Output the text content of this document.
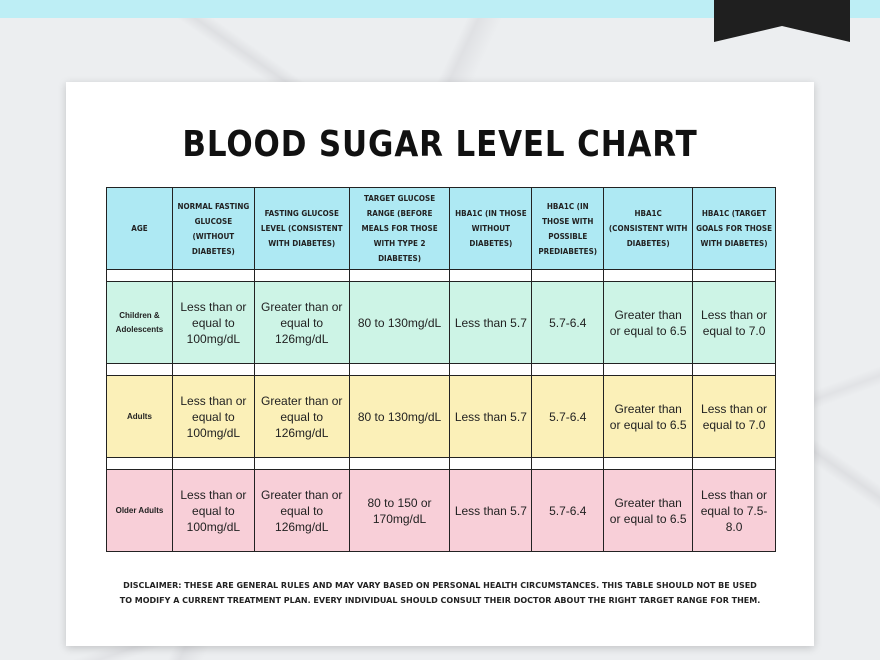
BLOOD SUGAR LEVEL CHART
AGE	NORMAL FASTING GLUCOSE (WITHOUT DIABETES)	FASTING GLUCOSE LEVEL (CONSISTENT WITH DIABETES)	TARGET GLUCOSE RANGE (BEFORE MEALS FOR THOSE WITH TYPE 2 DIABETES)	HBA1C (IN THOSE WITHOUT DIABETES)	HBA1C (IN THOSE WITH POSSIBLE PREDIABETES)	HBA1C (CONSISTENT WITH DIABETES)	HBA1C (TARGET GOALS FOR THOSE WITH DIABETES)

Children & Adolescents	Less than or equal to 100mg/dL	Greater than or equal to 126mg/dL	80 to 130mg/dL	Less than 5.7	5.7-6.4	Greater than or equal to 6.5	Less than or equal to 7.0

Adults	Less than or equal to 100mg/dL	Greater than or equal to 126mg/dL	80 to 130mg/dL	Less than 5.7	5.7-6.4	Greater than or equal to 6.5	Less than or equal to 7.0

Older Adults	Less than or equal to 100mg/dL	Greater than or equal to 126mg/dL	80 to 150 or 170mg/dL	Less than 5.7	5.7-6.4	Greater than or equal to 6.5	Less than or equal to 7.5-8.0
DISCLAIMER: THESE ARE GENERAL RULES AND MAY VARY BASED ON PERSONAL HEALTH CIRCUMSTANCES. THIS TABLE SHOULD NOT BE USED TO MODIFY A CURRENT TREATMENT PLAN. EVERY INDIVIDUAL SHOULD CONSULT THEIR DOCTOR ABOUT THE RIGHT TARGET RANGE FOR THEM.
